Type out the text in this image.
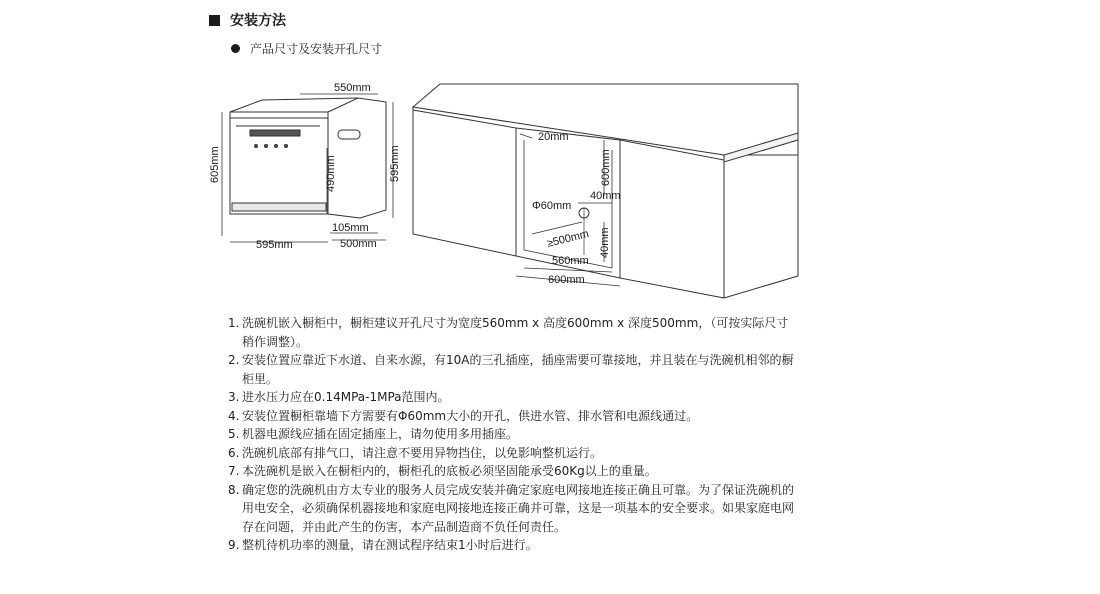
安装方法
产品尺寸及安装开孔尺寸
550mm
605mm	490mm	595mm
105mm
595mm	500mm
20mm
600mm
Φ60mm
40mm
40mm
≥500mm
560mm
600mm
1. 洗碗机嵌入橱柜中，橱柜建议开孔尺寸为宽度560mm x 高度600mm x 深度500mm，（可按实际尺寸稍作调整）。
2. 安装位置应靠近下水道、自来水源，有10A的三孔插座，插座需要可靠接地，并且装在与洗碗机相邻的橱柜里。
3. 进水压力应在0.14MPa-1MPa范围内。
4. 安装位置橱柜靠墙下方需要有Φ60mm大小的开孔，供进水管、排水管和电源线通过。
5. 机器电源线应插在固定插座上，请勿使用多用插座。
6. 洗碗机底部有排气口，请注意不要用异物挡住，以免影响整机运行。
7. 本洗碗机是嵌入在橱柜内的，橱柜孔的底板必须坚固能承受60Kg以上的重量。
8. 确定您的洗碗机由方太专业的服务人员完成安装并确定家庭电网接地连接正确且可靠。为了保证洗碗机的用电安全，必须确保机器接地和家庭电网接地连接正确并可靠，这是一项基本的安全要求。如果家庭电网存在问题，并由此产生的伤害，本产品制造商不负任何责任。
9. 整机待机功率的测量，请在测试程序结束1小时后进行。
